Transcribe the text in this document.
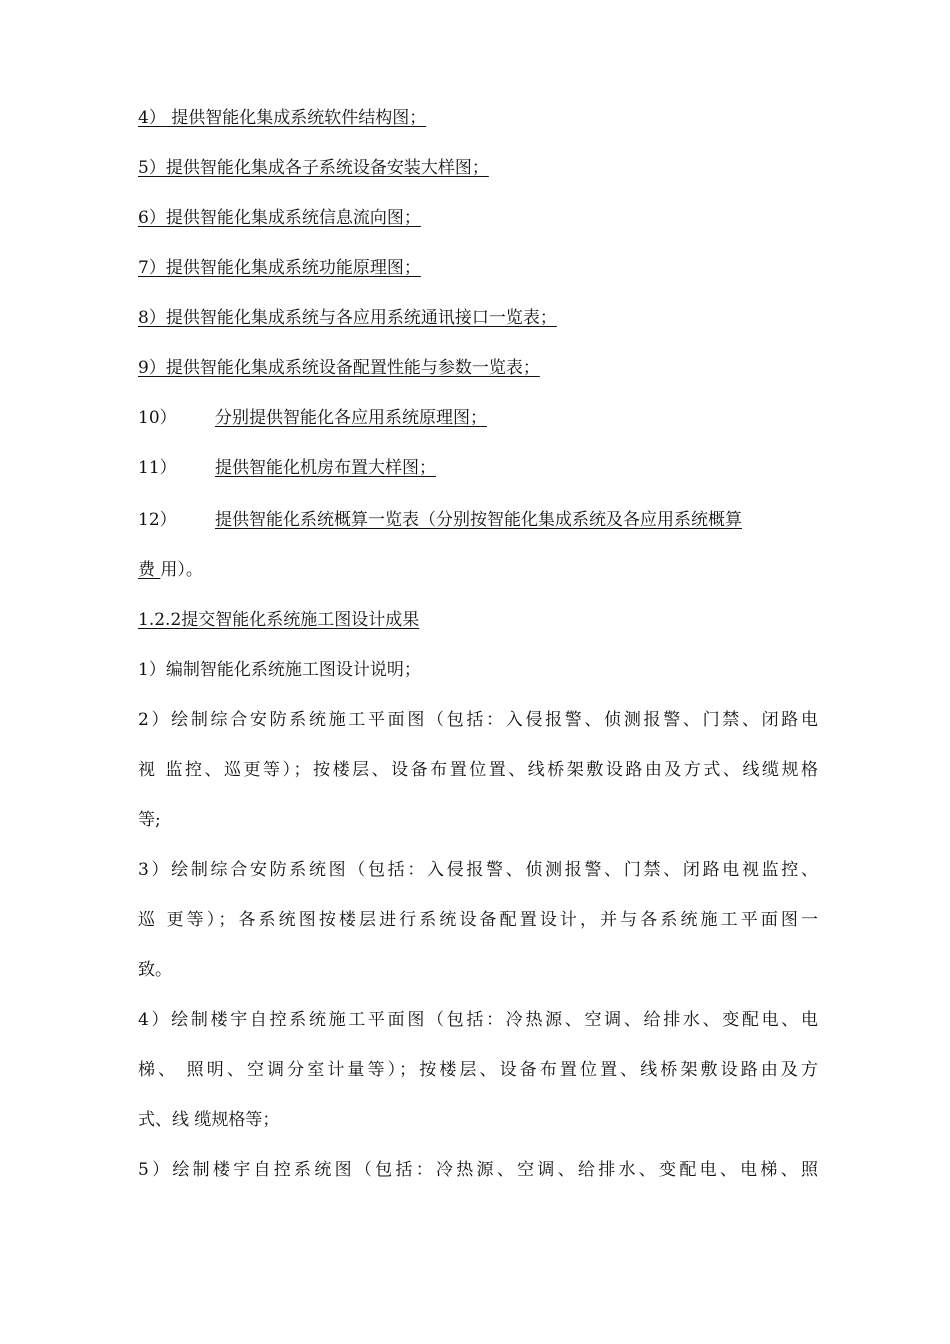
4） 提供智能化集成系统软件结构图；
5）提供智能化集成各子系统设备安装大样图；
6）提供智能化集成系统信息流向图；
7）提供智能化集成系统功能原理图；
8）提供智能化集成系统与各应用系统通讯接口一览表；
9）提供智能化集成系统设备配置性能与参数一览表；
10） 分别提供智能化各应用系统原理图；
11） 提供智能化机房布置大样图；
12） 提供智能化系统概算一览表（分别按智能化集成系统及各应用系统概算
费 用）。
1.2.2提交智能化系统施工图设计成果
1）编制智能化系统施工图设计说明；
2）绘制综合安防系统施工平面图（包括：入侵报警、侦测报警、门禁、闭路电
视 监控、巡更等）；按楼层、设备布置位置、线桥架敷设路由及方式、线缆规格
等;
3）绘制综合安防系统图（包括：入侵报警、侦测报警、门禁、闭路电视监控、
巡 更等）；各系统图按楼层进行系统设备配置设计，并与各系统施工平面图一
致。
4）绘制楼宇自控系统施工平面图（包括：冷热源、空调、给排水、变配电、电
梯、 照明、空调分室计量等）；按楼层、设备布置位置、线桥架敷设路由及方
式、线 缆规格等；
5）绘制楼宇自控系统图（包括：冷热源、空调、给排水、变配电、电梯、照
